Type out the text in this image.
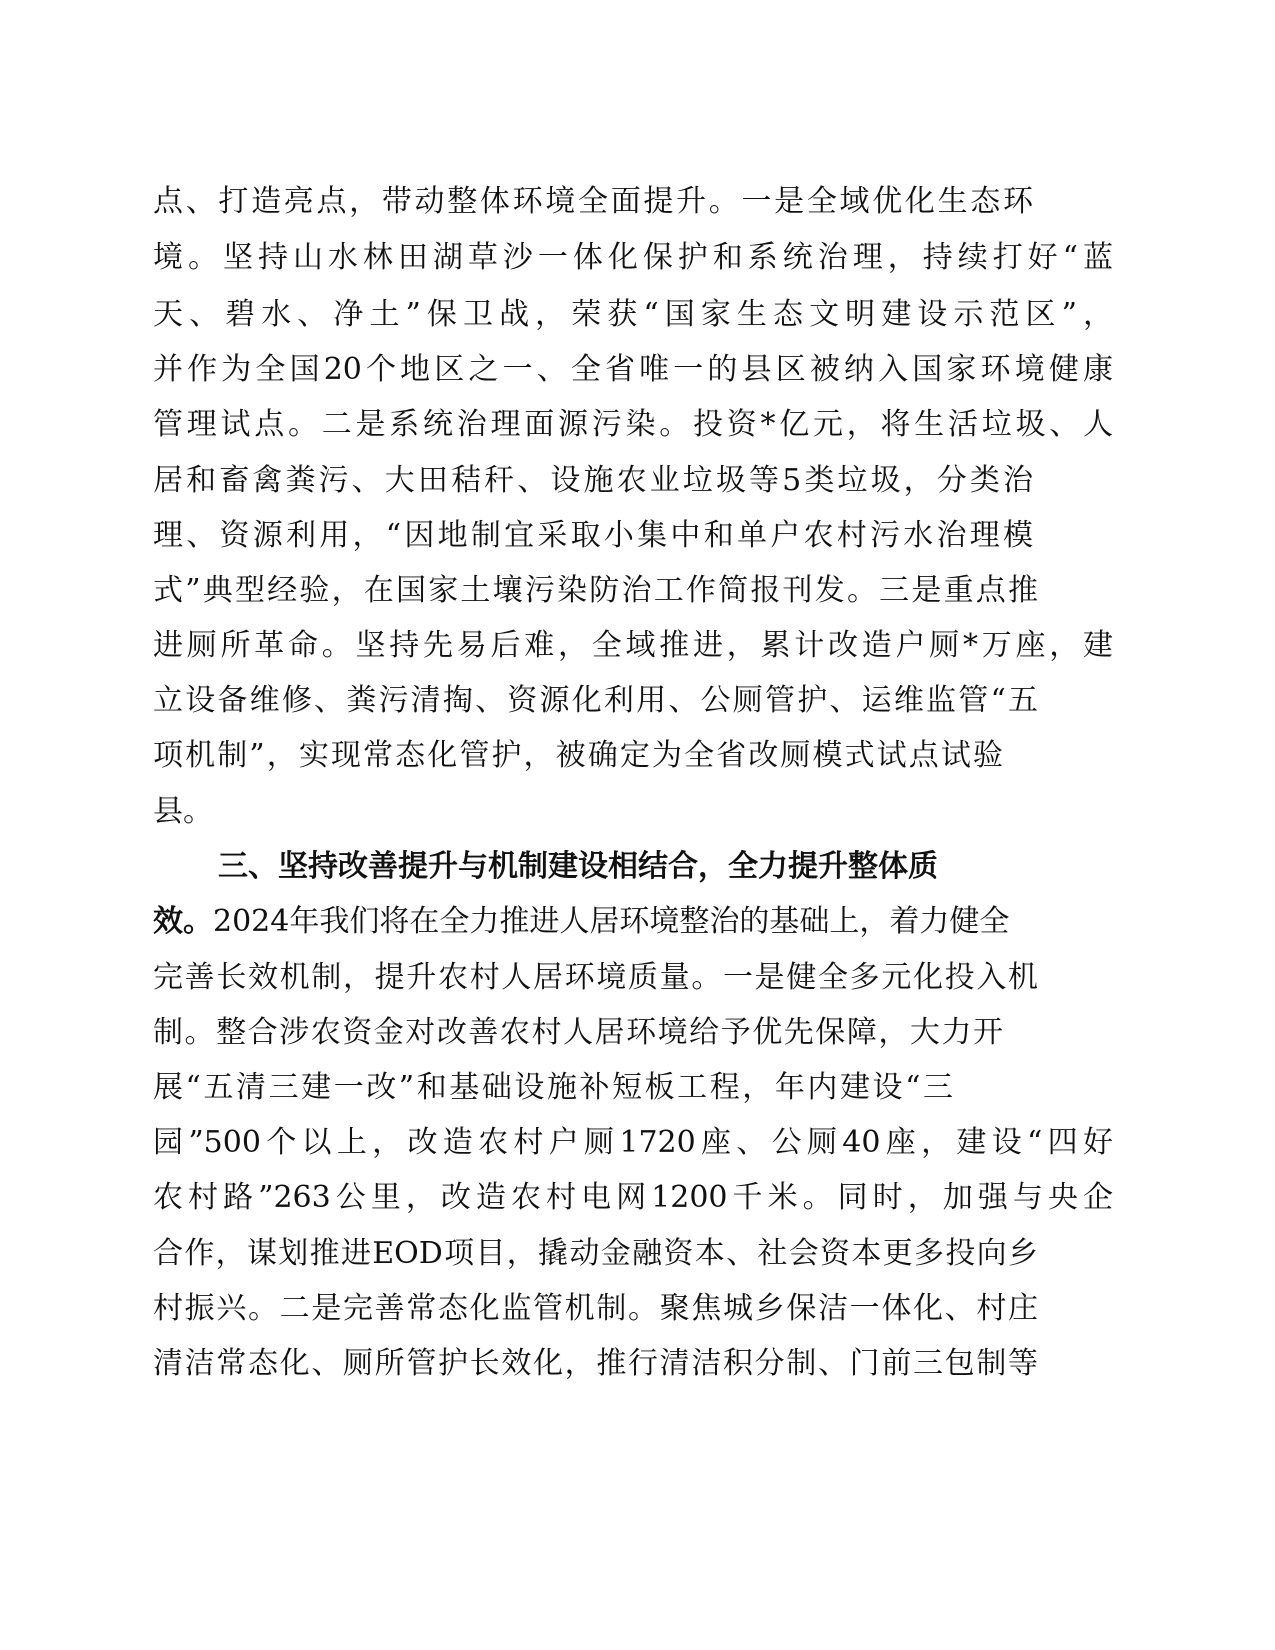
点、打造亮点，带动整体环境全面提升。一是全域优化生态环
境。坚持山水林田湖草沙一体化保护和系统治理，持续打好“蓝
天、碧水、净土”保卫战，荣获“国家生态文明建设示范区”，
并作为全国20个地区之一、全省唯一的县区被纳入国家环境健康
管理试点。二是系统治理面源污染。投资*亿元，将生活垃圾、人
居和畜禽粪污、大田秸秆、设施农业垃圾等5类垃圾，分类治
理、资源利用，“因地制宜采取小集中和单户农村污水治理模
式”典型经验，在国家土壤污染防治工作简报刊发。三是重点推
进厕所革命。坚持先易后难，全域推进，累计改造户厕*万座，建
立设备维修、粪污清掏、资源化利用、公厕管护、运维监管“五
项机制”，实现常态化管护，被确定为全省改厕模式试点试验
县。
三、坚持改善提升与机制建设相结合，全力提升整体质
效。2024年我们将在全力推进人居环境整治的基础上，着力健全
完善长效机制，提升农村人居环境质量。一是健全多元化投入机
制。整合涉农资金对改善农村人居环境给予优先保障，大力开
展“五清三建一改”和基础设施补短板工程，年内建设“三
园”500个以上，改造农村户厕1720座、公厕40座，建设“四好
农村路”263公里，改造农村电网1200千米。同时，加强与央企
合作，谋划推进EOD项目，撬动金融资本、社会资本更多投向乡
村振兴。二是完善常态化监管机制。聚焦城乡保洁一体化、村庄
清洁常态化、厕所管护长效化，推行清洁积分制、门前三包制等
